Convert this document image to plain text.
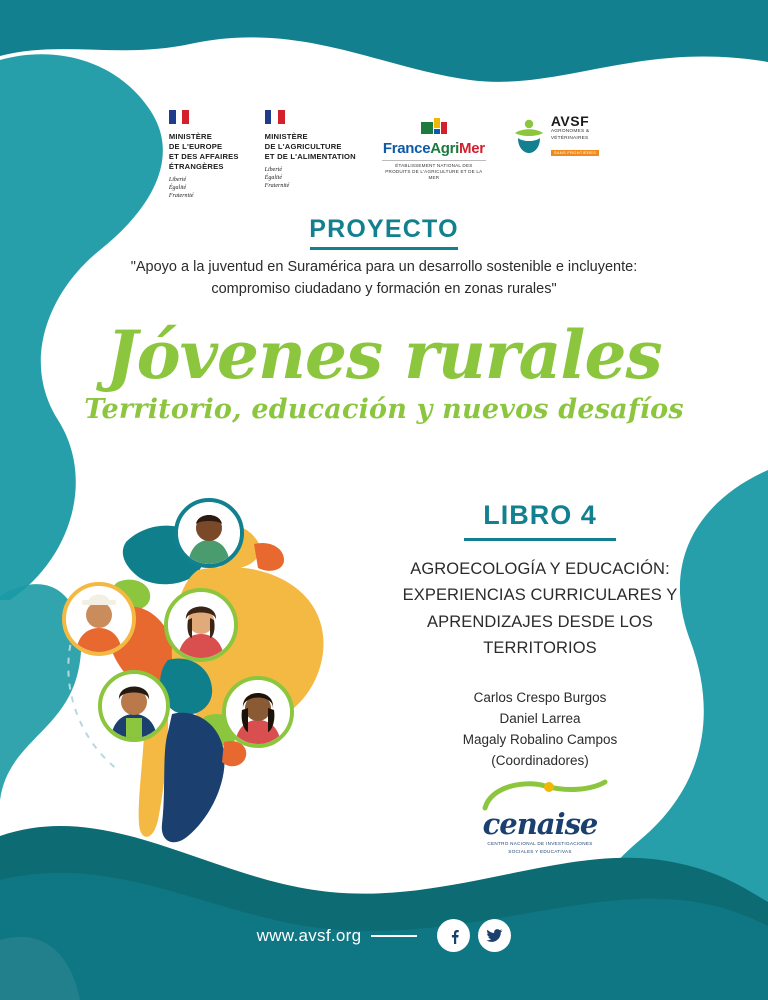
MINISTÈRE
DE L'EUROPE
ET DES AFFAIRES
ÉTRANGÈRES
Liberté
Égalité
Fraternité
MINISTÈRE
DE L'AGRICULTURE
ET DE L'ALIMENTATION
Liberté
Égalité
Fraternité
FranceAgriMer
ÉTABLISSEMENT NATIONAL DES PRODUITS DE L'AGRICULTURE ET DE LA MER
AVSF
AGRONOMES &
VÉTÉRINAIRES
SANS FRONTIÈRES
PROYECTO
"Apoyo a la juventud en Suramérica para un desarrollo sostenible e incluyente: compromiso ciudadano y formación en zonas rurales"
Jóvenes rurales
Territorio, educación y nuevos desafíos
LIBRO 4
AGROECOLOGÍA Y EDUCACIÓN: EXPERIENCIAS CURRICULARES Y APRENDIZAJES DESDE LOS TERRITORIOS
Carlos Crespo Burgos
Daniel Larrea
Magaly Robalino Campos
(Coordinadores)
cenaise
CENTRO NACIONAL DE INVESTIGACIONES
SOCIALES Y EDUCATIVAS
www.avsf.org
